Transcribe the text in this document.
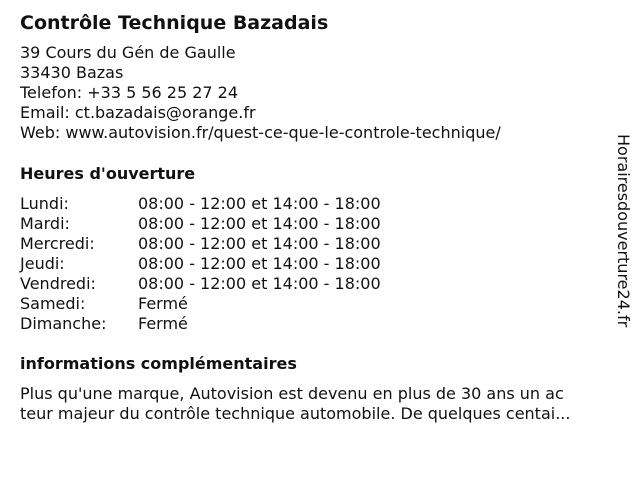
Contrôle Technique Bazadais
39 Cours du Gén de Gaulle
33430 Bazas
Telefon: +33 5 56 25 27 24
Email: ct.bazadais@orange.fr
Web: www.autovision.fr/quest-ce-que-le-controle-technique/
Heures d'ouverture
Lundi:	08:00 - 12:00 et 14:00 - 18:00
Mardi:	08:00 - 12:00 et 14:00 - 18:00
Mercredi:	08:00 - 12:00 et 14:00 - 18:00
Jeudi:	08:00 - 12:00 et 14:00 - 18:00
Vendredi:	08:00 - 12:00 et 14:00 - 18:00
Samedi:	Fermé
Dimanche:	Fermé
informations complémentaires
Plus qu'une marque, Autovision est devenu en plus de 30 ans un ac
teur majeur du contrôle technique automobile. De quelques centai...
Horairesdouverture24.fr
